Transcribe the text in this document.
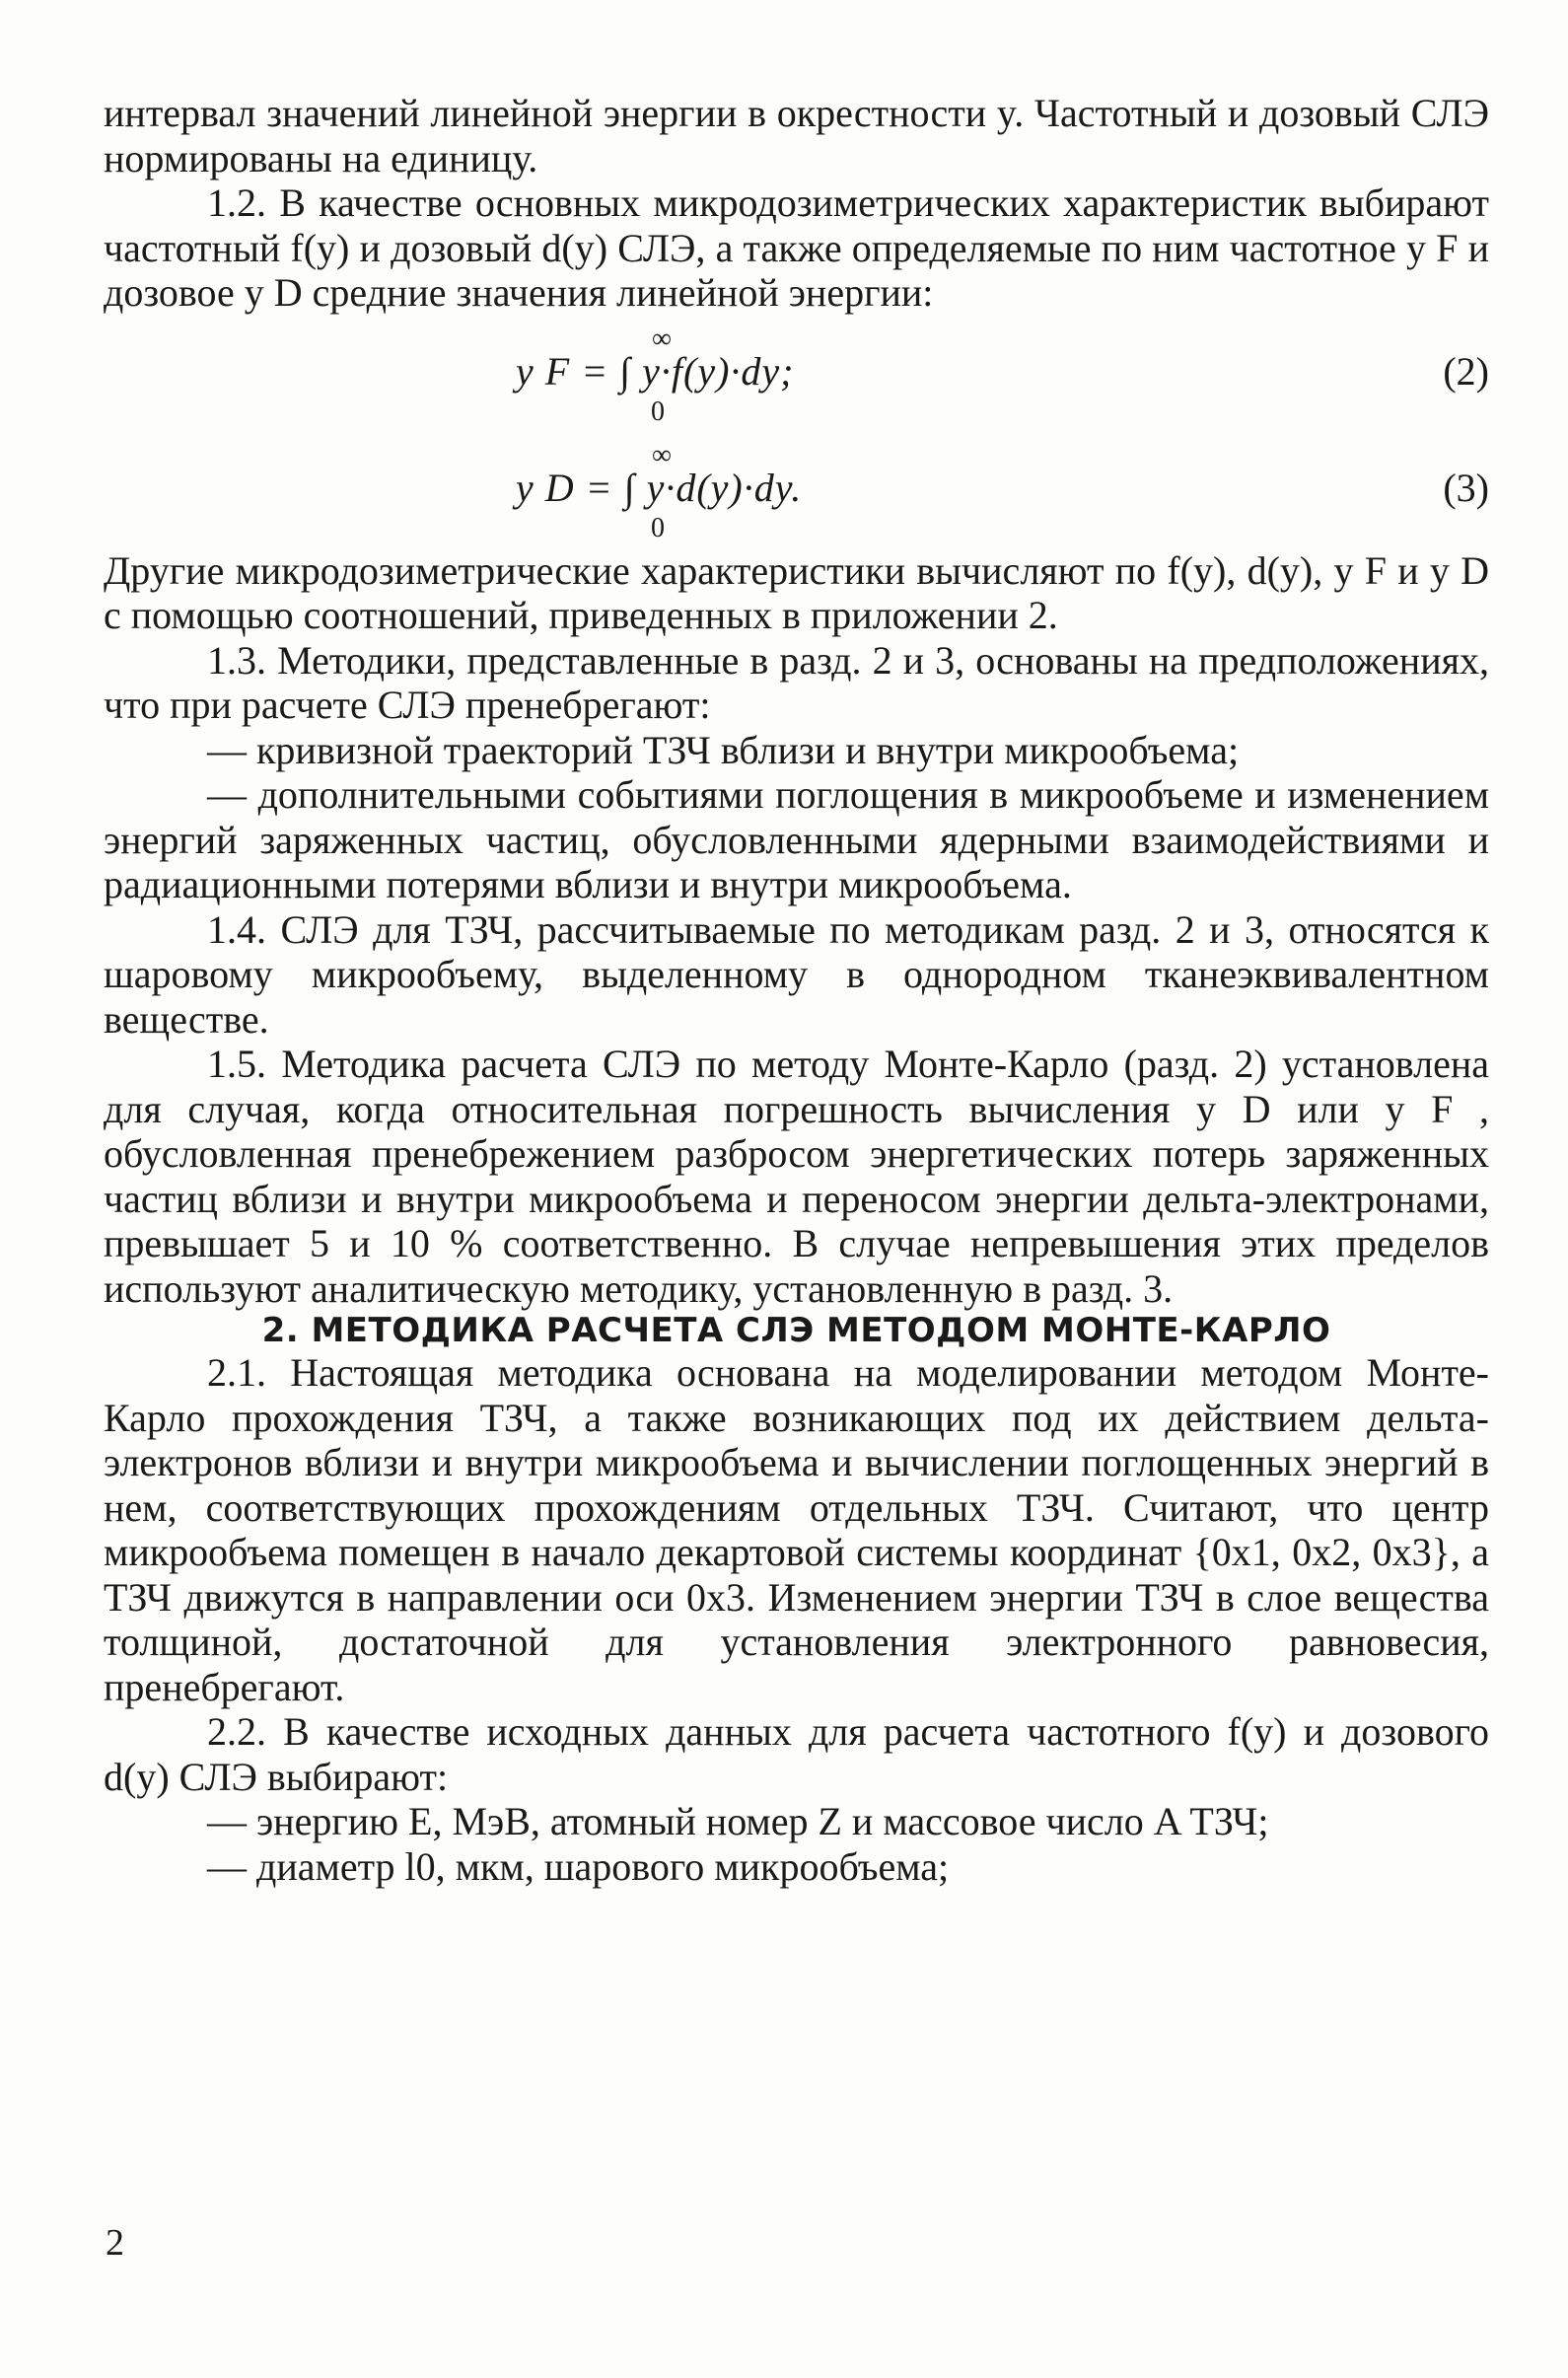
интервал значений линейной энергии в окрестности y. Частотный и дозовый СЛЭ нормированы на единицу.

1.2. В качестве основных микродозиметрических характеристик выбирают частотный f(y) и дозовый d(y) СЛЭ, а также определяемые по ним частотное y F и дозовое y D средние значения линейной энергии:

∞
y F = ∫ y·f(y)·dy;
0
(2)
∞
y D = ∫ y·d(y)·dy.
0
(3)

Другие микродозиметрические характеристики вычисляют по f(y), d(y), y F и y D с помощью соотношений, приведенных в приложении 2.

1.3. Методики, представленные в разд. 2 и 3, основаны на предположениях, что при расчете СЛЭ пренебрегают:

— кривизной траекторий ТЗЧ вблизи и внутри микрообъема;

— дополнительными событиями поглощения в микрообъеме и изменением энергий заряженных частиц, обусловленными ядерными взаимодействиями и радиационными потерями вблизи и внутри микрообъема.

1.4. СЛЭ для ТЗЧ, рассчитываемые по методикам разд. 2 и 3, относятся к шаровому микрообъему, выделенному в однородном тканеэквивалентном веществе.

1.5. Методика расчета СЛЭ по методу Монте-Карло (разд. 2) установлена для случая, когда относительная погрешность вычисления y D или y F , обусловленная пренебрежением разбросом энергетических потерь заряженных частиц вблизи и внутри микрообъема и переносом энергии дельта-электронами, превышает 5 и 10 % соответственно. В случае непревышения этих пределов используют аналитическую методику, установленную в разд. 3.

2. МЕТОДИКА РАСЧЕТА СЛЭ МЕТОДОМ МОНТЕ-КАРЛО

2.1. Настоящая методика основана на моделировании методом Монте-Карло прохождения ТЗЧ, а также возникающих под их действием дельта-электронов вблизи и внутри микрообъема и вычислении поглощенных энергий в нем, соответствующих прохождениям отдельных ТЗЧ. Считают, что центр микрообъема помещен в начало декартовой системы координат {0x1, 0x2, 0x3}, а ТЗЧ движутся в направлении оси 0x3. Изменением энергии ТЗЧ в слое вещества толщиной, достаточной для установления электронного равновесия, пренебрегают.

2.2. В качестве исходных данных для расчета частотного f(y) и дозового d(y) СЛЭ выбирают:

— энергию E, МэВ, атомный номер Z и массовое число A ТЗЧ;

— диаметр l0, мкм, шарового микрообъема;

2
